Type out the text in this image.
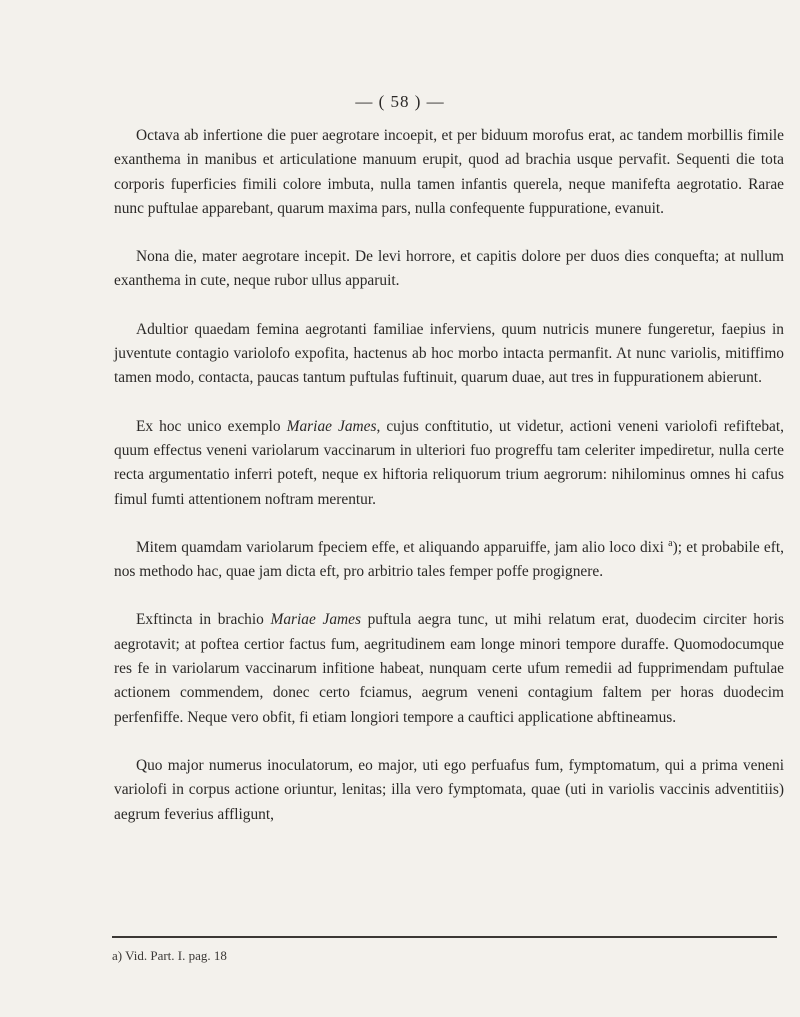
— ( 58 ) —

Octava ab infertione die puer aegrotare incoepit, et per biduum morofus erat, ac tandem morbillis fimile exanthema in manibus et articulatione manuum erupit, quod ad brachia usque pervafit. Sequenti die tota corporis fuperficies fimili colore imbuta, nulla tamen infantis querela, neque manifefta aegrotatio. Rarae nunc puftulae apparebant, quarum maxima pars, nulla confequente fuppuratione, evanuit.

Nona die, mater aegrotare incepit. De levi horrore, et capitis dolore per duos dies conquefta; at nullum exanthema in cute, neque rubor ullus apparuit.

Adultior quaedam femina aegrotanti familiae inferviens, quum nutricis munere fungeretur, faepius in juventute contagio variolofo expofita, hactenus ab hoc morbo intacta permanfit. At nunc variolis, mitiffimo tamen modo, contacta, paucas tantum puftulas fuftinuit, quarum duae, aut tres in fuppurationem abierunt.

Ex hoc unico exemplo Mariae James, cujus conftitutio, ut videtur, actioni veneni variolofi refiftebat, quum effectus veneni variolarum vaccinarum in ulteriori fuo progreffu tam celeriter impediretur, nulla certe recta argumentatio inferri poteft, neque ex hiftoria reliquorum trium aegrorum: nihilominus omnes hi cafus fimul fumti attentionem noftram merentur.

Mitem quamdam variolarum fpeciem effe, et aliquando apparuiffe, jam alio loco dixi $^a$); et probabile eft, nos methodo hac, quae jam dicta eft, pro arbitrio tales femper poffe progignere.

Exftincta in brachio Mariae James puftula aegra tunc, ut mihi relatum erat, duodecim circiter horis aegrotavit; at poftea certior factus fum, aegritudinem eam longe minori tempore duraffe. Quomodocumque res fe in variolarum vaccinarum infitione habeat, nunquam certe ufum remedii ad fupprimendam puftulae actionem commendem, donec certo fciamus, aegrum veneni contagium faltem per horas duodecim perfenfiffe. Neque vero obfit, fi etiam longiori tempore a cauftici applicatione abftineamus.

Quo major numerus inoculatorum, eo major, uti ego perfuafus fum, fymptomatum, qui a prima veneni variolofi in corpus actione oriuntur, lenitas; illa vero fymptomata, quae (uti in variolis vaccinis adventitiis) aegrum feverius affligunt,

a) Vid. Part. I. pag. 18
